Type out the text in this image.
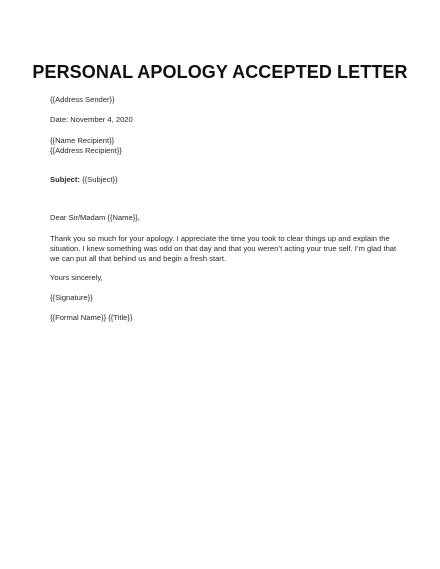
PERSONAL APOLOGY ACCEPTED LETTER
{{Address Sender}}
Date: November 4, 2020
{{Name Recipient}}
{{Address Recipient}}
Subject: {{Subject}}
Dear Sir/Madam {{Name}},
Thank you so much for your apology. I appreciate the time you took to clear things up and explain the
situation. I knew something was odd on that day and that you weren’t acting your true self. I’m glad that
we can put all that behind us and begin a fresh start.
Yours sincerely,
{{Signature}}
{{Formal Name}} {{Title}}
